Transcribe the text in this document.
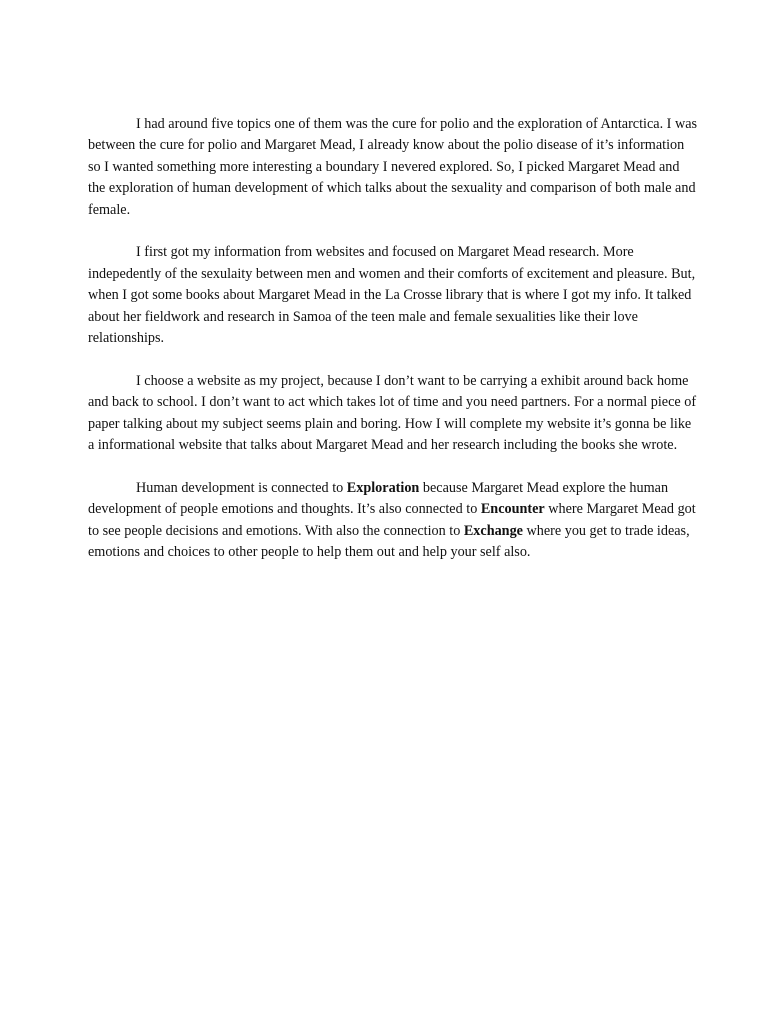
I had around five topics one of them was the cure for polio and the exploration of Antarctica. I was between the cure for polio and Margaret Mead, I already know about the polio disease of it’s information so I wanted something more interesting a boundary I nevered explored. So, I picked Margaret Mead and the exploration of human development of which talks about the sexuality and comparison of both male and female.

I first got my information from websites and focused on Margaret Mead research. More indepedently of the sexulaity between men and women and their comforts of excitement and pleasure. But, when I got some books about Margaret Mead in the La Crosse library that is where I got my info. It talked about her fieldwork and research in Samoa of the teen male and female sexualities like their love relationships.

I choose a website as my project, because I don’t want to be carrying a exhibit around back home and back to school. I don’t want to act which takes lot of time and you need partners. For a normal piece of paper talking about my subject seems plain and boring. How I will complete my website it’s gonna be like a informational website that talks about Margaret Mead and her research including the books she wrote.

Human development is connected to Exploration because Margaret Mead explore the human development of people emotions and thoughts. It’s also connected to Encounter where Margaret Mead got to see people decisions and emotions. With also the connection to Exchange where you get to trade ideas, emotions and choices to other people to help them out and help your self also.
